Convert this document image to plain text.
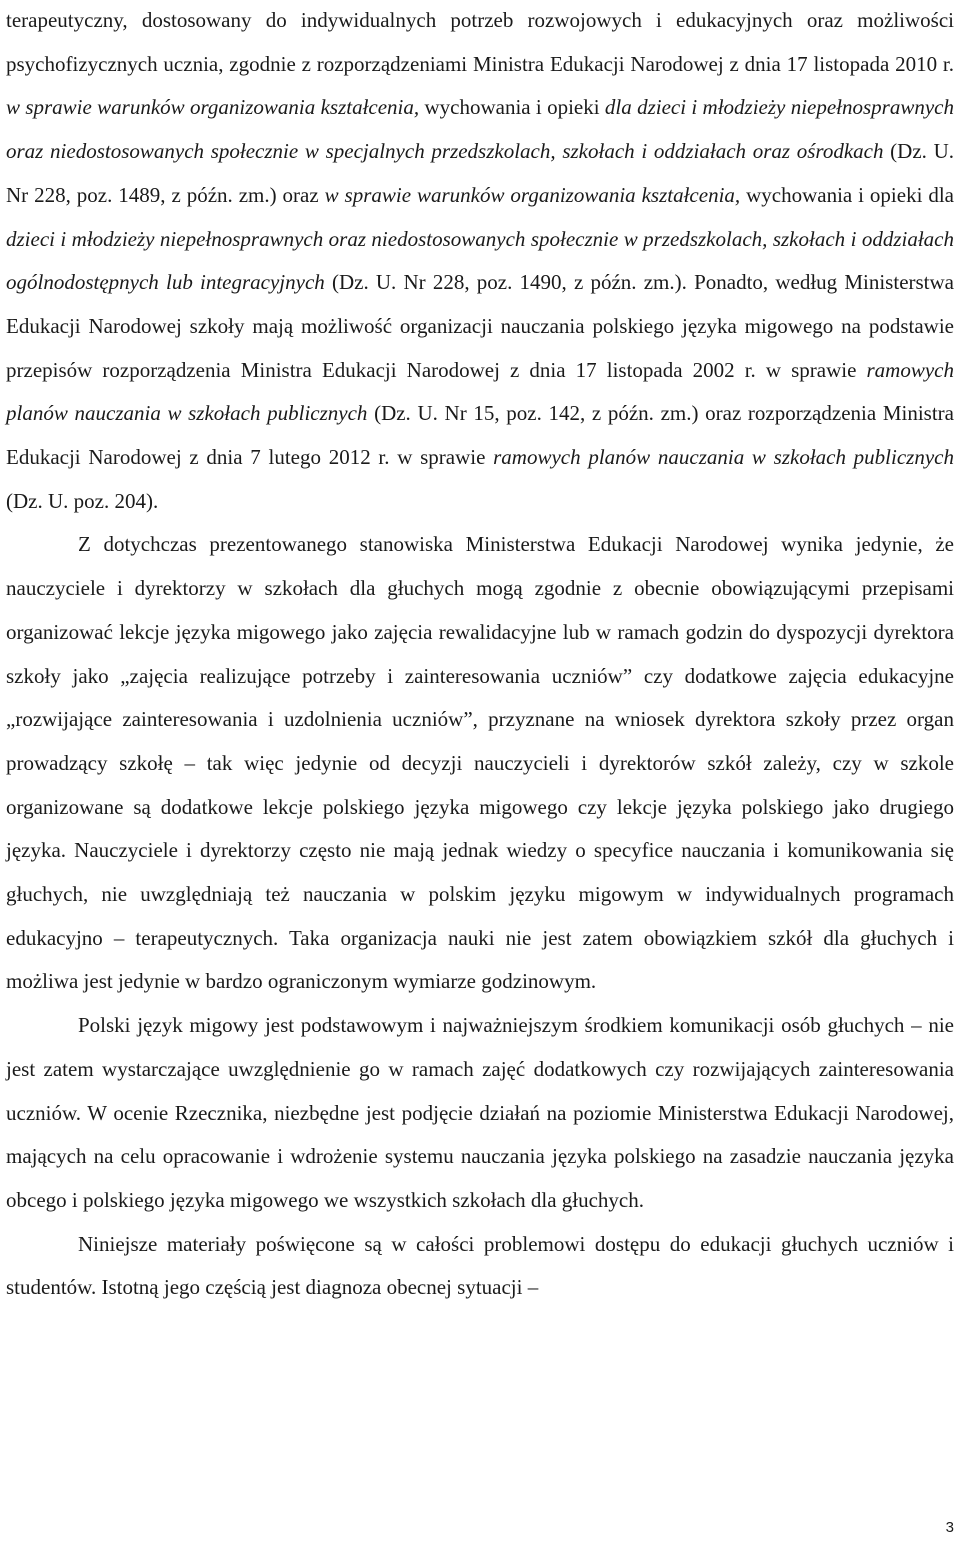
terapeutyczny, dostosowany do indywidualnych potrzeb rozwojowych i edukacyjnych oraz możliwości psychofizycznych ucznia, zgodnie z rozporządzeniami Ministra Edukacji Narodowej z dnia 17 listopada 2010 r. w sprawie warunków organizowania kształcenia, wychowania i opieki dla dzieci i młodzieży niepełnosprawnych oraz niedostosowanych społecznie w specjalnych przedszkolach, szkołach i oddziałach oraz ośrodkach (Dz. U. Nr 228, poz. 1489, z późn. zm.) oraz w sprawie warunków organizowania kształcenia, wychowania i opieki dla dzieci i młodzieży niepełnosprawnych oraz niedostosowanych społecznie w przedszkolach, szkołach i oddziałach ogólnodostępnych lub integracyjnych (Dz. U. Nr 228, poz. 1490, z późn. zm.). Ponadto, według Ministerstwa Edukacji Narodowej szkoły mają możliwość organizacji nauczania polskiego języka migowego na podstawie przepisów rozporządzenia Ministra Edukacji Narodowej z dnia 17 listopada 2002 r. w sprawie ramowych planów nauczania w szkołach publicznych (Dz. U. Nr 15, poz. 142, z późn. zm.) oraz rozporządzenia Ministra Edukacji Narodowej z dnia 7 lutego 2012 r. w sprawie ramowych planów nauczania w szkołach publicznych (Dz. U. poz. 204).

Z dotychczas prezentowanego stanowiska Ministerstwa Edukacji Narodowej wynika jedynie, że nauczyciele i dyrektorzy w szkołach dla głuchych mogą zgodnie z obecnie obowiązującymi przepisami organizować lekcje języka migowego jako zajęcia rewalidacyjne lub w ramach godzin do dyspozycji dyrektora szkoły jako „zajęcia realizujące potrzeby i zainteresowania uczniów” czy dodatkowe zajęcia edukacyjne „rozwijające zainteresowania i uzdolnienia uczniów”, przyznane na wniosek dyrektora szkoły przez organ prowadzący szkołę – tak więc jedynie od decyzji nauczycieli i dyrektorów szkół zależy, czy w szkole organizowane są dodatkowe lekcje polskiego języka migowego czy lekcje języka polskiego jako drugiego języka. Nauczyciele i dyrektorzy często nie mają jednak wiedzy o specyfice nauczania i komunikowania się głuchych, nie uwzględniają też nauczania w polskim języku migowym w indywidualnych programach edukacyjno – terapeutycznych. Taka organizacja nauki nie jest zatem obowiązkiem szkół dla głuchych i możliwa jest jedynie w bardzo ograniczonym wymiarze godzinowym.

Polski język migowy jest podstawowym i najważniejszym środkiem komunikacji osób głuchych – nie jest zatem wystarczające uwzględnienie go w ramach zajęć dodatkowych czy rozwijających zainteresowania uczniów. W ocenie Rzecznika, niezbędne jest podjęcie działań na poziomie Ministerstwa Edukacji Narodowej, mających na celu opracowanie i wdrożenie systemu nauczania języka polskiego na zasadzie nauczania języka obcego i polskiego języka migowego we wszystkich szkołach dla głuchych.

Niniejsze materiały poświęcone są w całości problemowi dostępu do edukacji głuchych uczniów i studentów. Istotną jego częścią jest diagnoza obecnej sytuacji –

3
